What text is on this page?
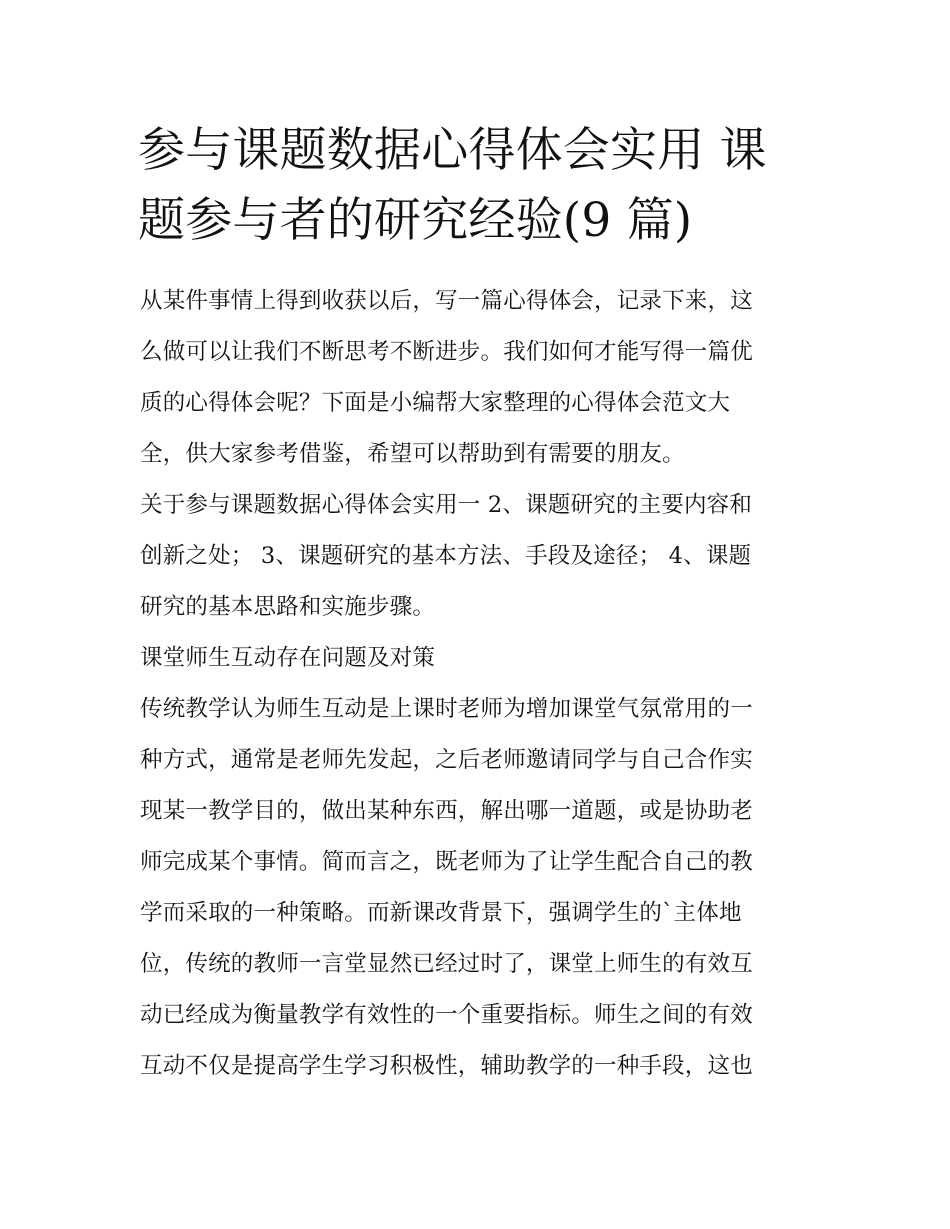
参与课题数据心得体会实用 课
题参与者的研究经验(9 篇)
从某件事情上得到收获以后，写一篇心得体会，记录下来，这
么做可以让我们不断思考不断进步。我们如何才能写得一篇优
质的心得体会呢？下面是小编帮大家整理的心得体会范文大
全，供大家参考借鉴，希望可以帮助到有需要的朋友。
关于参与课题数据心得体会实用一 2、课题研究的主要内容和
创新之处； 3、课题研究的基本方法、手段及途径； 4、课题
研究的基本思路和实施步骤。
课堂师生互动存在问题及对策
传统教学认为师生互动是上课时老师为增加课堂气氛常用的一
种方式，通常是老师先发起，之后老师邀请同学与自己合作实
现某一教学目的，做出某种东西，解出哪一道题，或是协助老
师完成某个事情。简而言之，既老师为了让学生配合自己的教
学而采取的一种策略。而新课改背景下，强调学生的`主体地
位，传统的教师一言堂显然已经过时了，课堂上师生的有效互
动已经成为衡量教学有效性的一个重要指标。师生之间的有效
互动不仅是提高学生学习积极性，辅助教学的一种手段，这也
